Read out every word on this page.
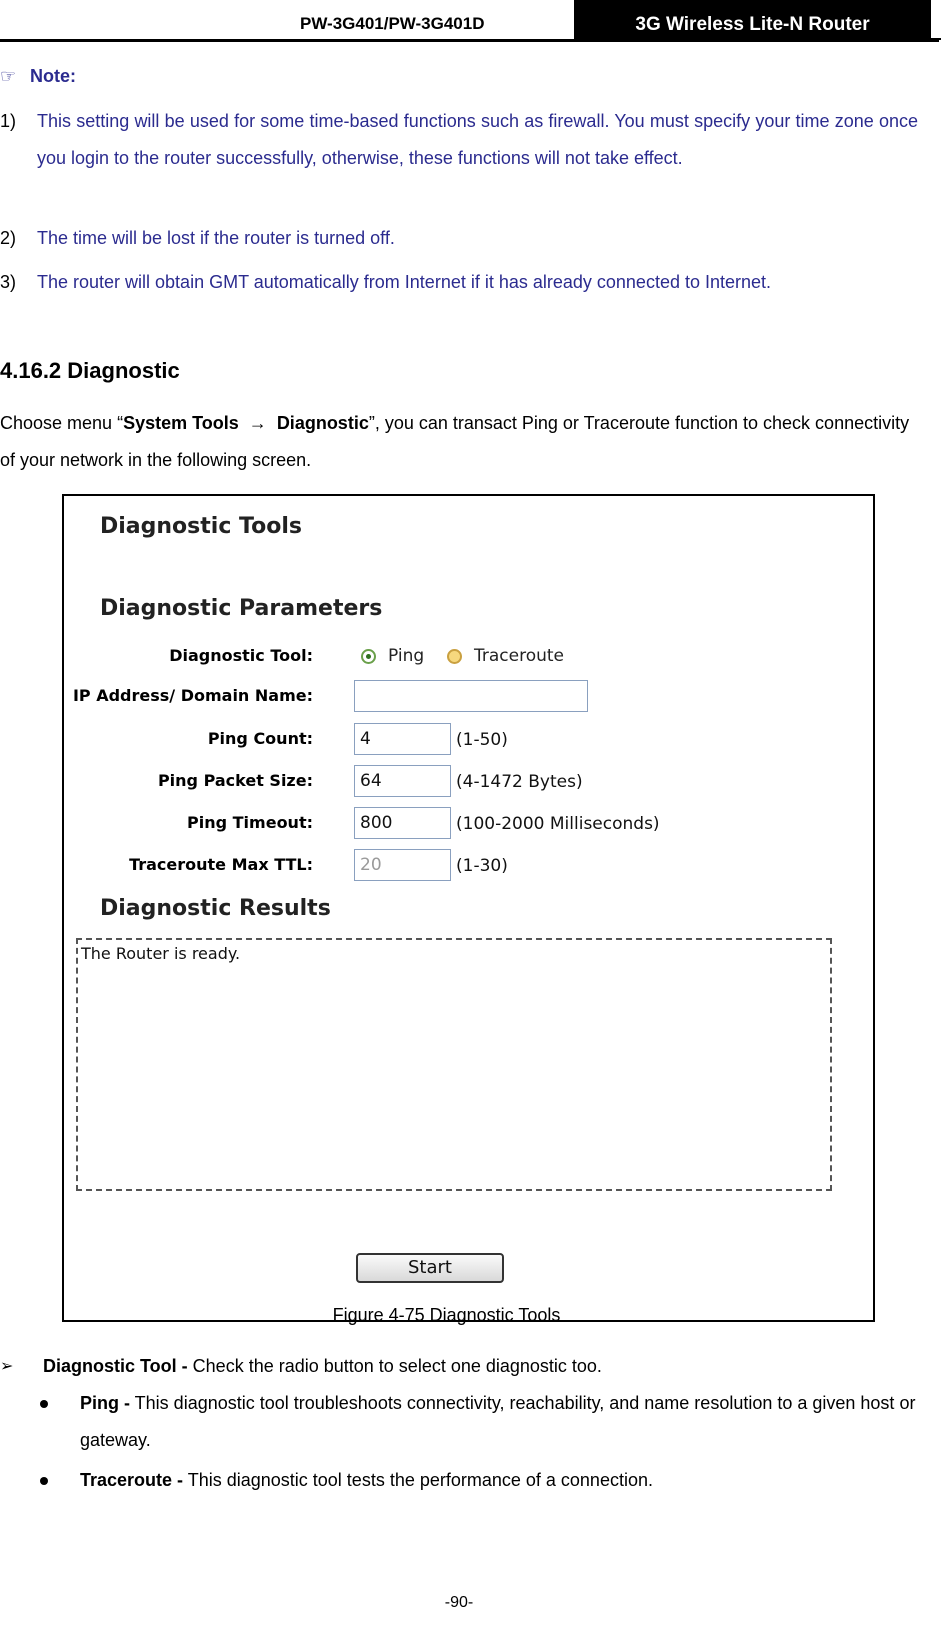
PW-3G401/PW-3G401D	3G Wireless Lite-N Router
☞ Note:
1) This setting will be used for some time-based functions such as firewall. You must specify your time zone once you login to the router successfully, otherwise, these functions will not take effect.
2) The time will be lost if the router is turned off.
3) The router will obtain GMT automatically from Internet if it has already connected to Internet.
4.16.2 Diagnostic
Choose menu “System Tools → Diagnostic”, you can transact Ping or Traceroute function to check connectivity of your network in the following screen.
Diagnostic Tools
Diagnostic Parameters
Diagnostic Tool:	Ping	Traceroute
IP Address/ Domain Name:
Ping Count:	4	(1-50)
Ping Packet Size:	64	(4-1472 Bytes)
Ping Timeout:	800	(100-2000 Milliseconds)
Traceroute Max TTL:	20	(1-30)
Diagnostic Results
The Router is ready.
Start
Figure 4-75 Diagnostic Tools
➢ Diagnostic Tool - Check the radio button to select one diagnostic too.
Ping - This diagnostic tool troubleshoots connectivity, reachability, and name resolution to a given host or gateway.
Traceroute - This diagnostic tool tests the performance of a connection.
-90-
